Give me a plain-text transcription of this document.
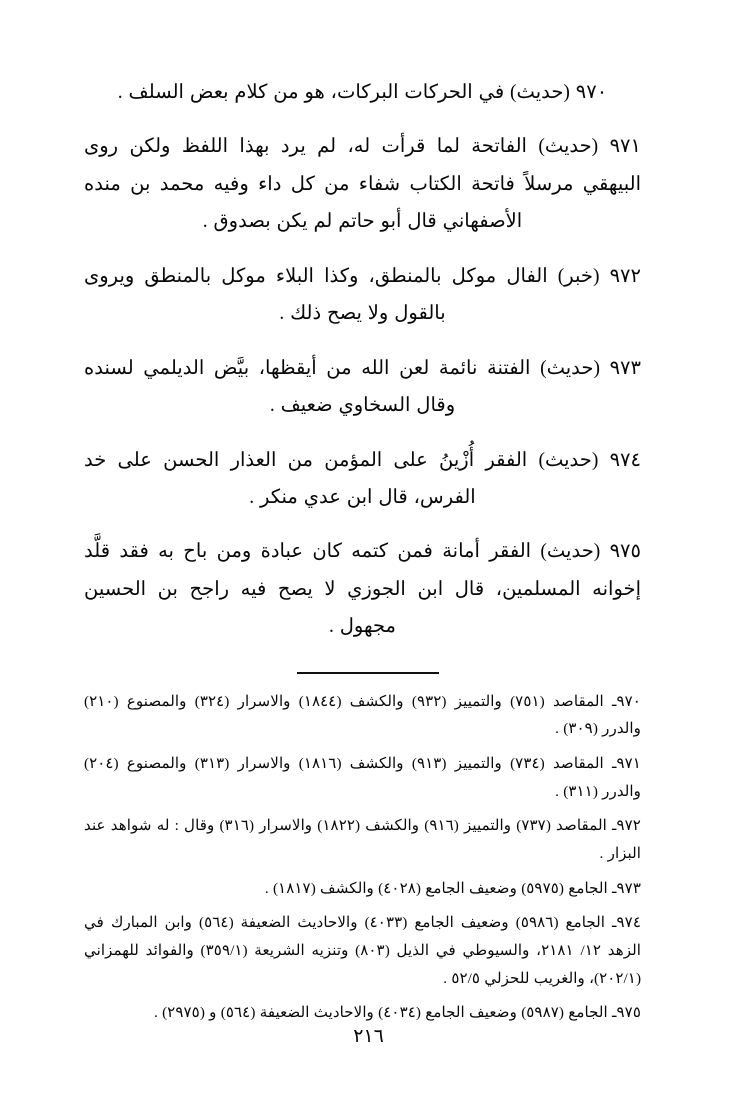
٩٧٠ (حديث) في الحركات البركات، هو من كلام بعض السلف .

٩٧١ (حديث) الفاتحة لما قرأت له، لم يرد بهذا اللفظ ولكن روى البيهقي مرسلاً فاتحة الكتاب شفاء من كل داء وفيه محمد بن منده الأصفهاني قال أبو حاتم لم يكن بصدوق .

٩٧٢ (خبر) الفال موكل بالمنطق، وكذا البلاء موكل بالمنطق ويروى بالقول ولا يصح ذلك .

٩٧٣ (حديث) الفتنة نائمة لعن الله من أيقظها، بيَّض الديلمي لسنده وقال السخاوي ضعيف .

٩٧٤ (حديث) الفقر أُزْينُ على المؤمن من العذار الحسن على خد الفرس، قال ابن عدي منكر .

٩٧٥ (حديث) الفقر أمانة فمن كتمه كان عبادة ومن باح به فقد قلَّد إخوانه المسلمين، قال ابن الجوزي لا يصح فيه راجح بن الحسين مجهول .

٩٧٠ـ المقاصد (٧٥١) والتمييز (٩٣٢) والكشف (١٨٤٤) والاسرار (٣٢٤) والمصنوع (٢١٠) والدرر (٣٠٩) .

٩٧١ـ المقاصد (٧٣٤) والتمييز (٩١٣) والكشف (١٨١٦) والاسرار (٣١٣) والمصنوع (٢٠٤) والدرر (٣١١) .

٩٧٢ـ المقاصد (٧٣٧) والتمييز (٩١٦) والكشف (١٨٢٢) والاسرار (٣١٦) وقال : له شواهد عند البزار .

٩٧٣ـ الجامع (٥٩٧٥) وضعيف الجامع (٤٠٢٨) والكشف (١٨١٧) .

٩٧٤ـ الجامع (٥٩٨٦) وضعيف الجامع (٤٠٣٣) والاحاديث الضعيفة (٥٦٤) وابن المبارك في الزهد ١٢/ ٢١٨١، والسيوطي في الذيل (٨٠٣) وتنزيه الشريعة (٣٥٩/١) والفوائد للهمزاني (٢٠٢/١)، والغريب للحزلي ٥٢/٥ .

٩٧٥ـ الجامع (٥٩٨٧) وضعيف الجامع (٤٠٣٤) والاحاديث الضعيفة (٥٦٤) و (٢٩٧٥) .

٢١٦
